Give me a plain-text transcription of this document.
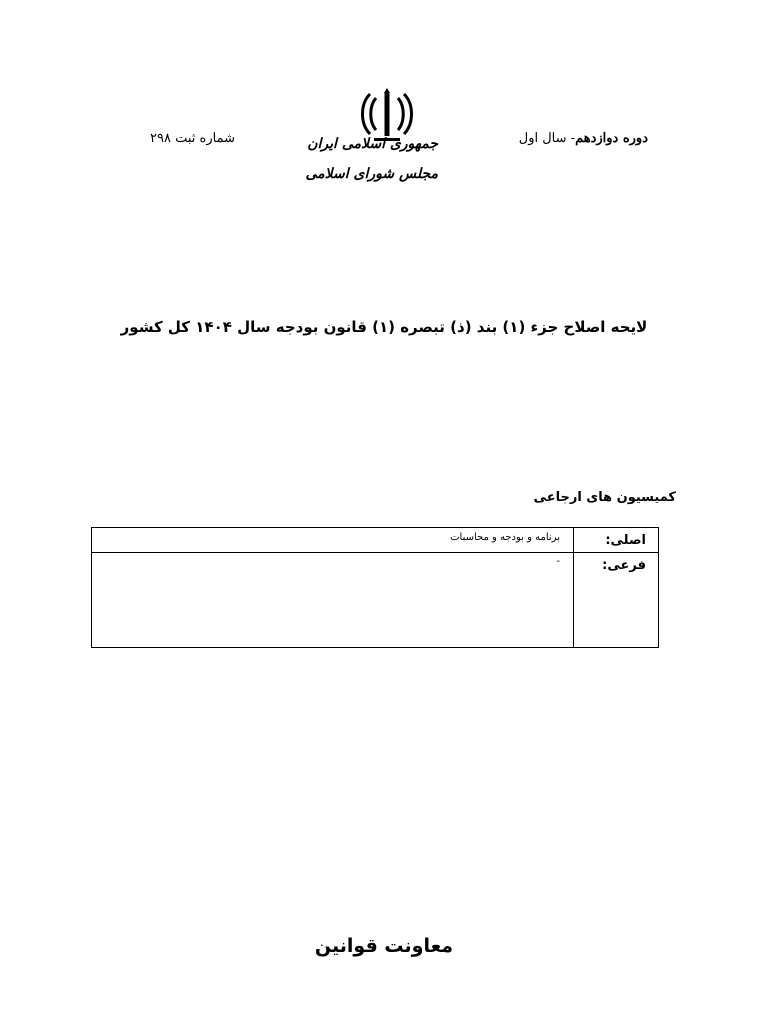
دوره دوازدهم- سال اول
شماره ثبت ۲۹۸	جمهوری اسلامی ایران
مجلس شورای اسلامی
لایحه اصلاح جزء (۱) بند (ذ) تبصره (۱) قانون بودجه سال ۱۴۰۴ کل کشور
کمیسیون های ارجاعی
اصلی:
برنامه و بودجه و محاسبات
فرعی:
-
معاونت قوانین
